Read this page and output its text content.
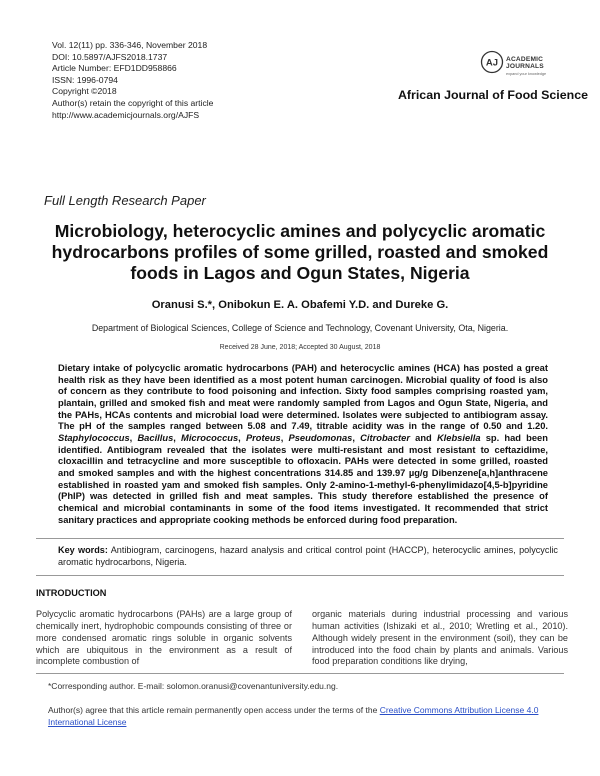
Vol. 12(11) pp. 336-346, November 2018
DOI: 10.5897/AJFS2018.1737
Article Number: EFD1DD958866
ISSN: 1996-0794
Copyright ©2018
Author(s) retain the copyright of this article
http://www.academicjournals.org/AJFS
AJ ACADEMIC
JOURNALS
expand your knowledge
African Journal of Food Science
Full Length Research Paper
Microbiology, heterocyclic amines and polycyclic aromatic hydrocarbons profiles of some grilled, roasted and smoked foods in Lagos and Ogun States, Nigeria
Oranusi S.*, Onibokun E. A. Obafemi Y.D. and Dureke G.
Department of Biological Sciences, College of Science and Technology, Covenant University, Ota, Nigeria.
Received 28 June, 2018; Accepted 30 August, 2018
Dietary intake of polycyclic aromatic hydrocarbons (PAH) and heterocyclic amines (HCA) has posted a great health risk as they have been identified as a most potent human carcinogen. Microbial quality of food is also of concern as they contribute to food poisoning and infection. Sixty food samples comprising roasted yam, plantain, grilled and smoked fish and meat were randomly sampled from Lagos and Ogun State, Nigeria, and the PAHs, HCAs contents and microbial load were determined. Isolates were subjected to antibiogram assay. The pH of the samples ranged between 5.08 and 7.49, titrable acidity was in the range of 0.50 and 1.20. Staphylococcus, Bacillus, Micrococcus, Proteus, Pseudomonas, Citrobacter and Klebsiella sp. had been identified. Antibiogram revealed that the isolates were multi-resistant and most resistant to ceftazidime, cloxacillin and tetracycline and more susceptible to ofloxacin. PAHs were detected in some grilled, roasted and smoked samples and with the highest concentrations 314.85 and 139.97 µg/g Dibenzene[a,h]anthracene established in roasted yam and smoked fish samples. Only 2-amino-1-methyl-6-phenylimidazo[4,5-b]pyridine (PhIP) was detected in grilled fish and meat samples. This study therefore established the presence of chemical and microbial contaminants in some of the food items investigated. It recommended that strict sanitary practices and appropriate cooking methods be enforced during food preparation.
Key words: Antibiogram, carcinogens, hazard analysis and critical control point (HACCP), heterocyclic amines, polycyclic aromatic hydrocarbons, Nigeria.
INTRODUCTION
Polycyclic aromatic hydrocarbons (PAHs) are a large group of chemically inert, hydrophobic compounds consisting of three or more condensed aromatic rings soluble in organic solvents which are ubiquitous in the environment as a result of incomplete combustion of
organic materials during industrial processing and various human activities (Ishizaki et al., 2010; Wretling et al., 2010). Although widely present in the environment (soil), they can be introduced into the food chain by plants and animals. Various food preparation conditions like drying,
*Corresponding author. E-mail: solomon.oranusi@covenantuniversity.edu.ng.
Author(s) agree that this article remain permanently open access under the terms of the Creative Commons Attribution License 4.0 International License
